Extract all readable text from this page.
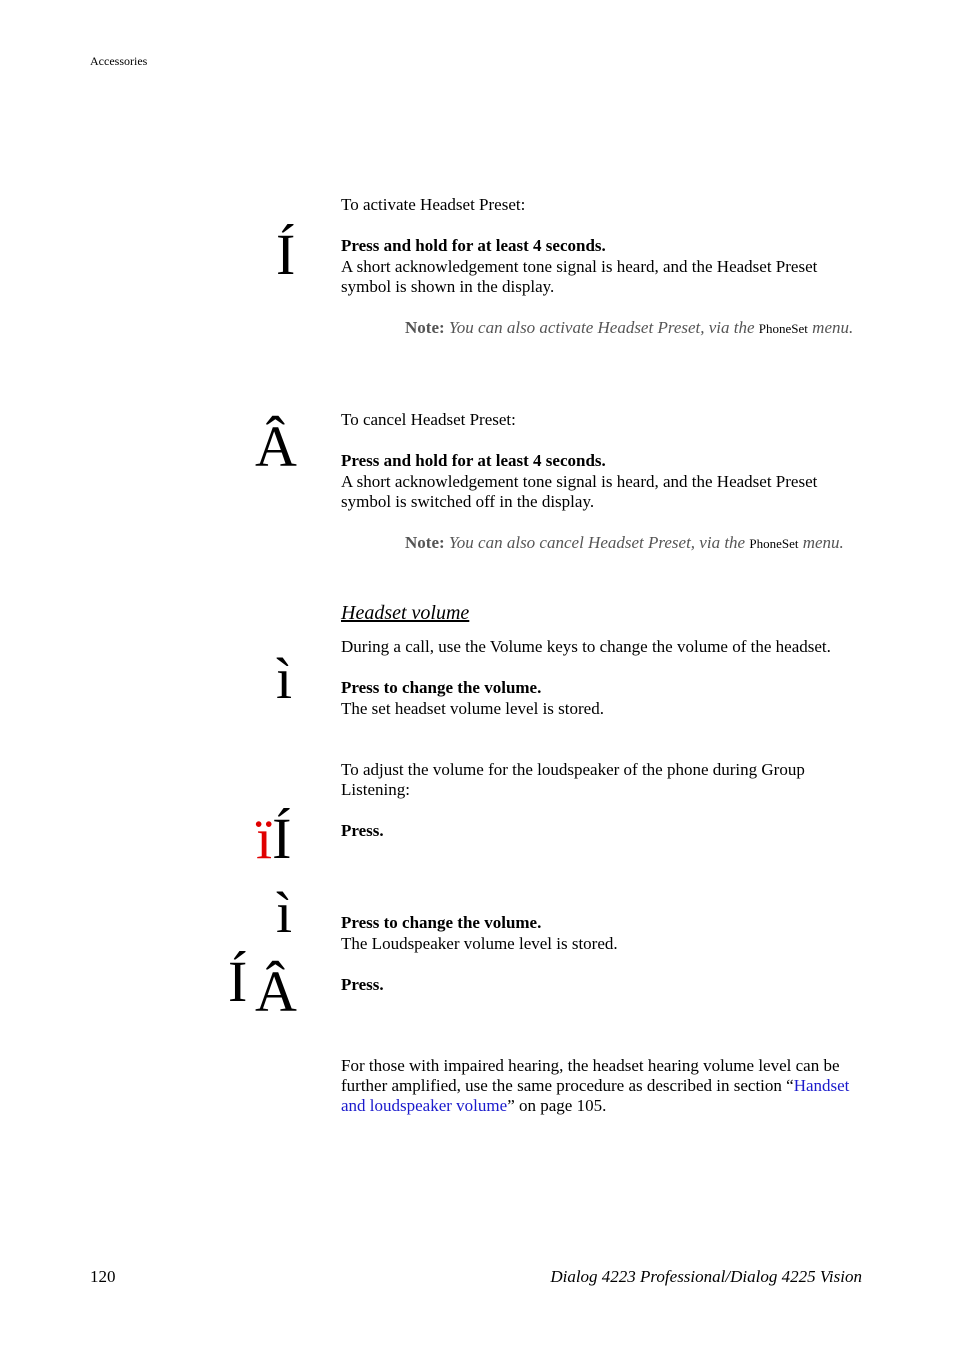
Accessories
To activate Headset Preset:
Í	Press and hold for at least 4 seconds.
A short acknowledgement tone signal is heard, and the Headset Preset symbol is shown in the display.
Note: You can also activate Headset Preset, via the PhoneSet menu.
Â	To cancel Headset Preset:
Press and hold for at least 4 seconds.
A short acknowledgement tone signal is heard, and the Headset Preset symbol is switched off in the display.
Note: You can also cancel Headset Preset, via the PhoneSet menu.
Headset volume
During a call, use the Volume keys to change the volume of the headset.
ì	Press to change the volume.
The set headset volume level is stored.
To adjust the volume for the loudspeaker of the phone during Group Listening:
ïÍ	Press.
ì	Press to change the volume.
The Loudspeaker volume level is stored.
Í Â	Press.
For those with impaired hearing, the headset hearing volume level can be further amplified, use the same procedure as described in section “Handset and loudspeaker volume” on page 105.
120	Dialog 4223 Professional/Dialog 4225 Vision
